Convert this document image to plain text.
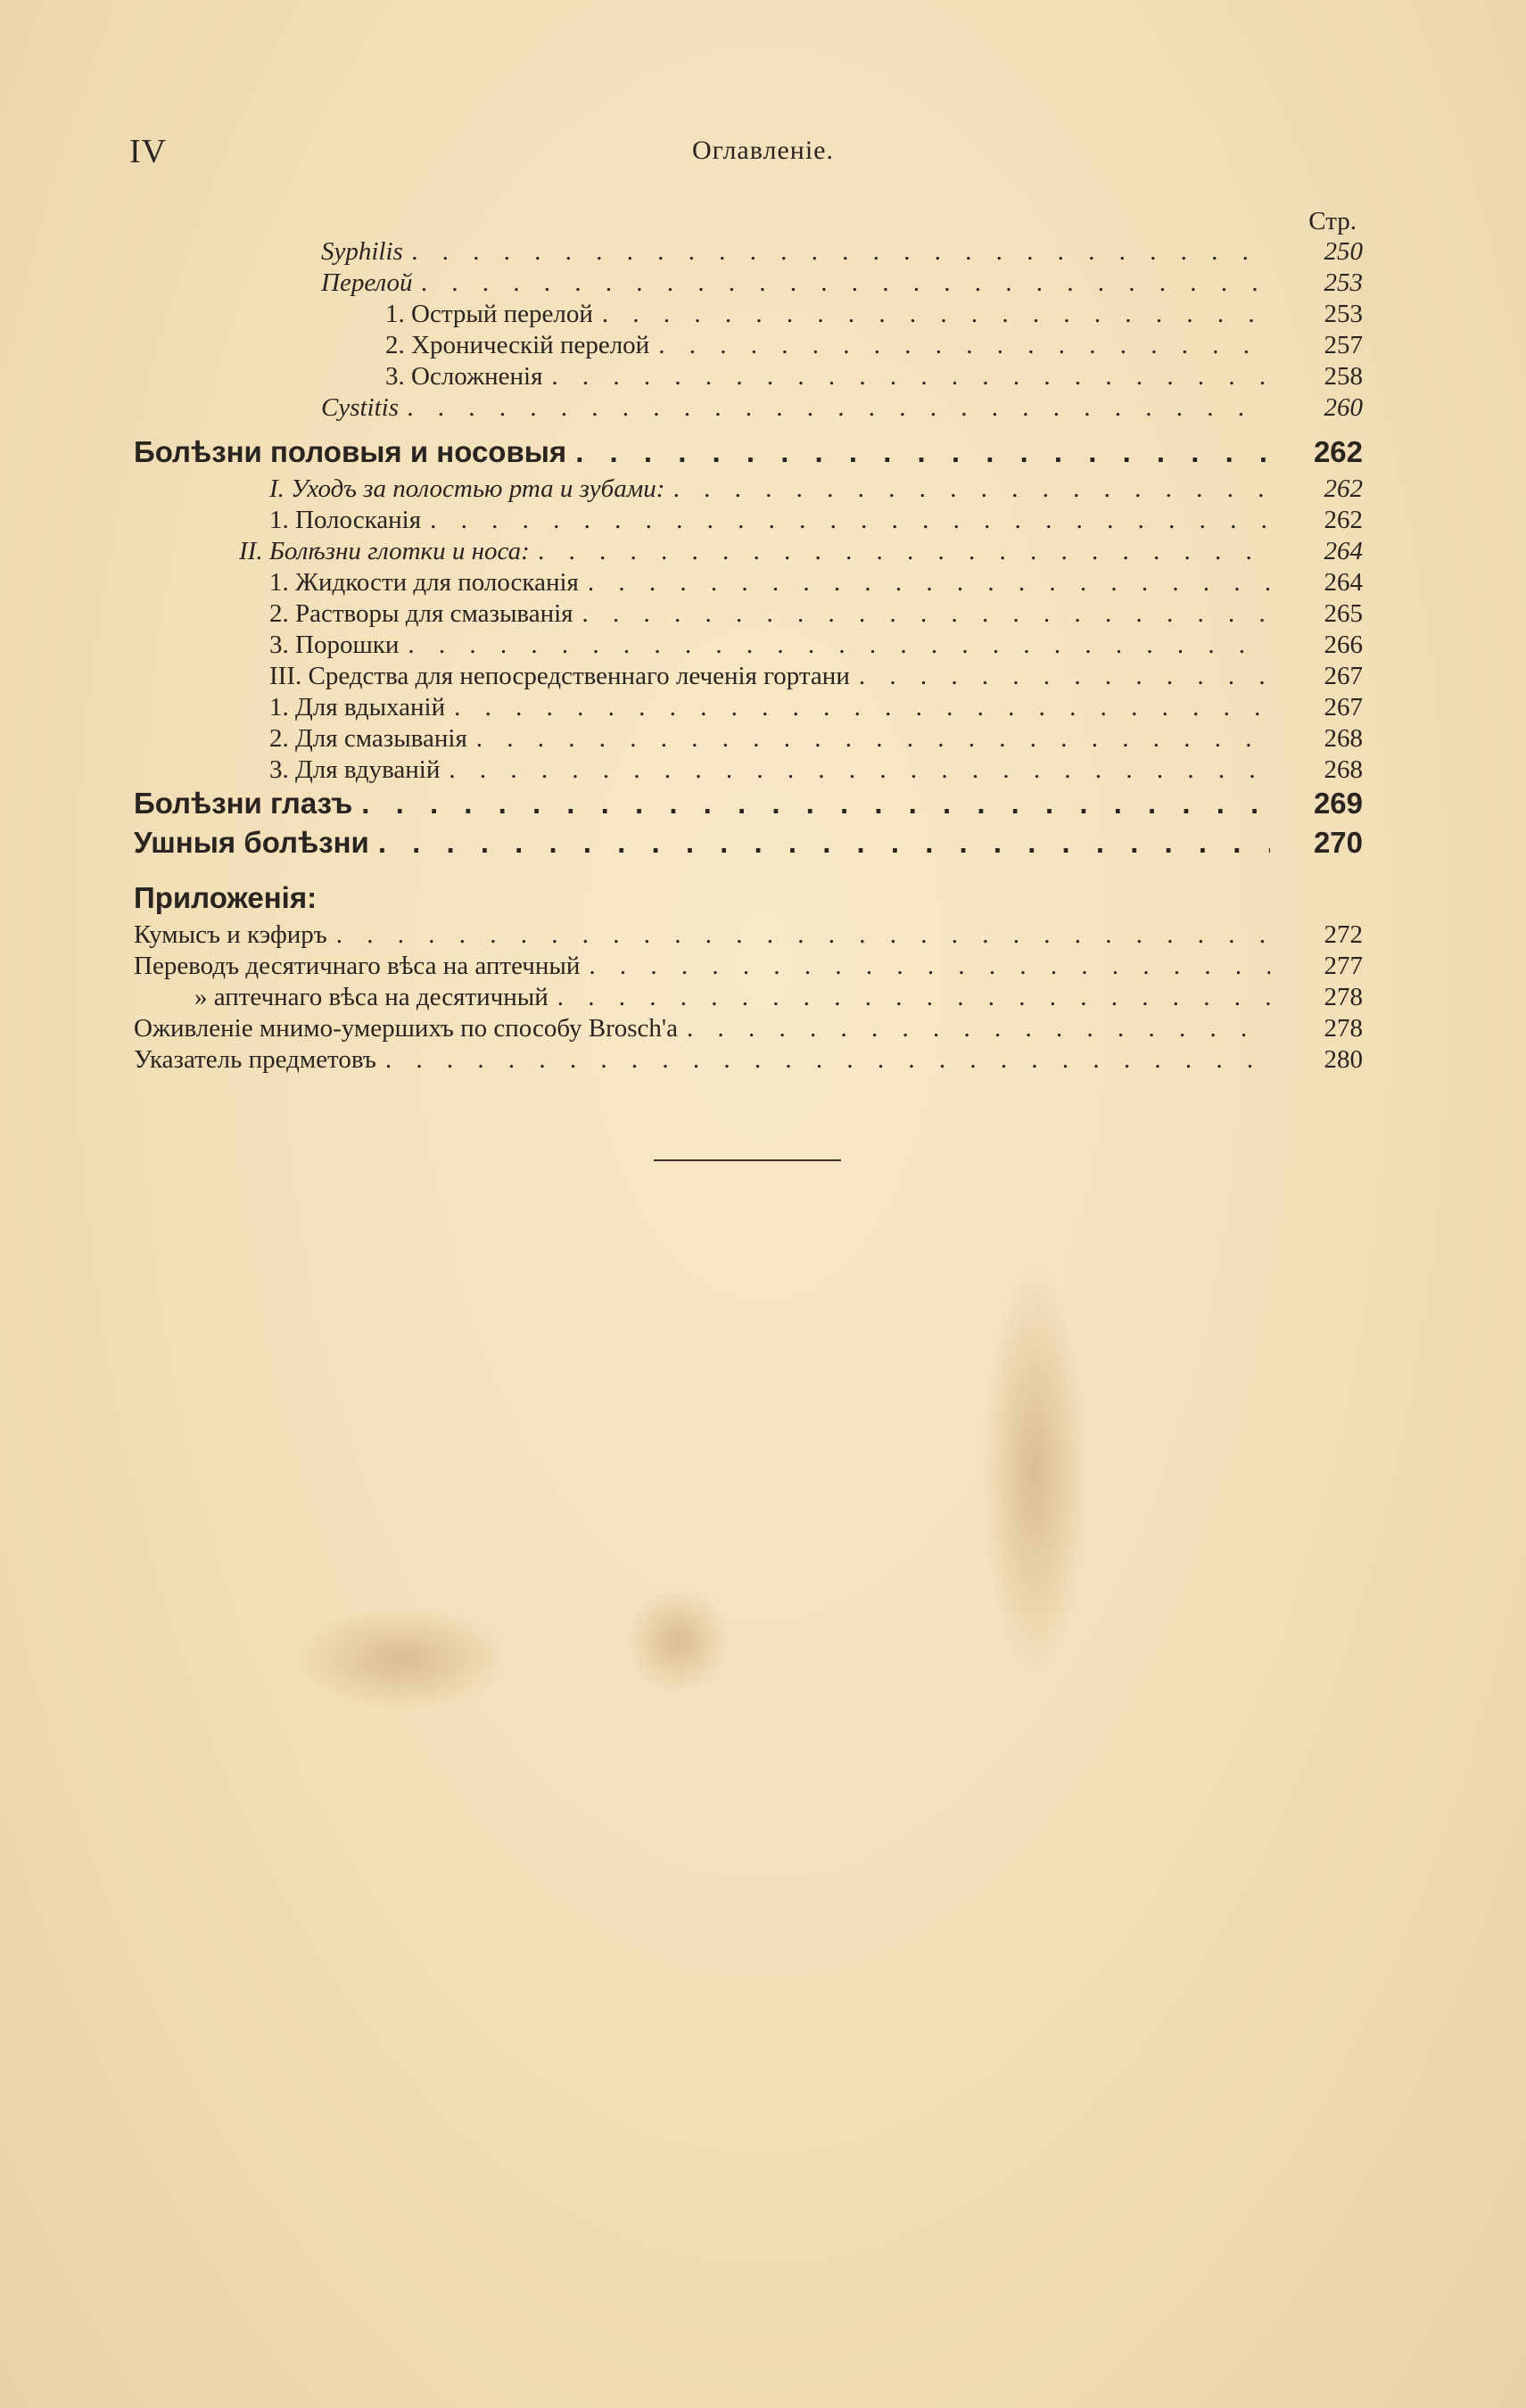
IV	Оглавленіе.
Стр.
Syphilis . . .	250
Перелой . . .	253
1. Острый перелой . . .	253
2. Хроническій перелой . . .	257
3. Осложненія . . .	258
Cystitis . . .	260
Болѣзни половыя и носовыя . . .	262
I. Уходъ за полостью рта и зубами: . . .	262
1. Полосканія . . .	262
II. Болѣзни глотки и носа: . . .	264
1. Жидкости для полосканія . . .	264
2. Растворы для смазыванія . . .	265
3. Порошки . . .	266
III. Средства для непосредственнаго леченія гортани . . .	267
1. Для вдыханій . . .	267
2. Для смазыванія . . .	268
3. Для вдуваній . . .	268
Болѣзни глазъ . . .	269
Ушныя болѣзни . . .	270
Приложенія:
Кумысъ и кэфиръ . . .	272
Переводъ десятичнаго вѣса на аптечный . . .	277
» аптечнаго вѣса на десятичный . . .	278
Оживленіе мнимо-умершихъ по способу Brosch'а . . .	278
Указатель предметовъ . . .	280
